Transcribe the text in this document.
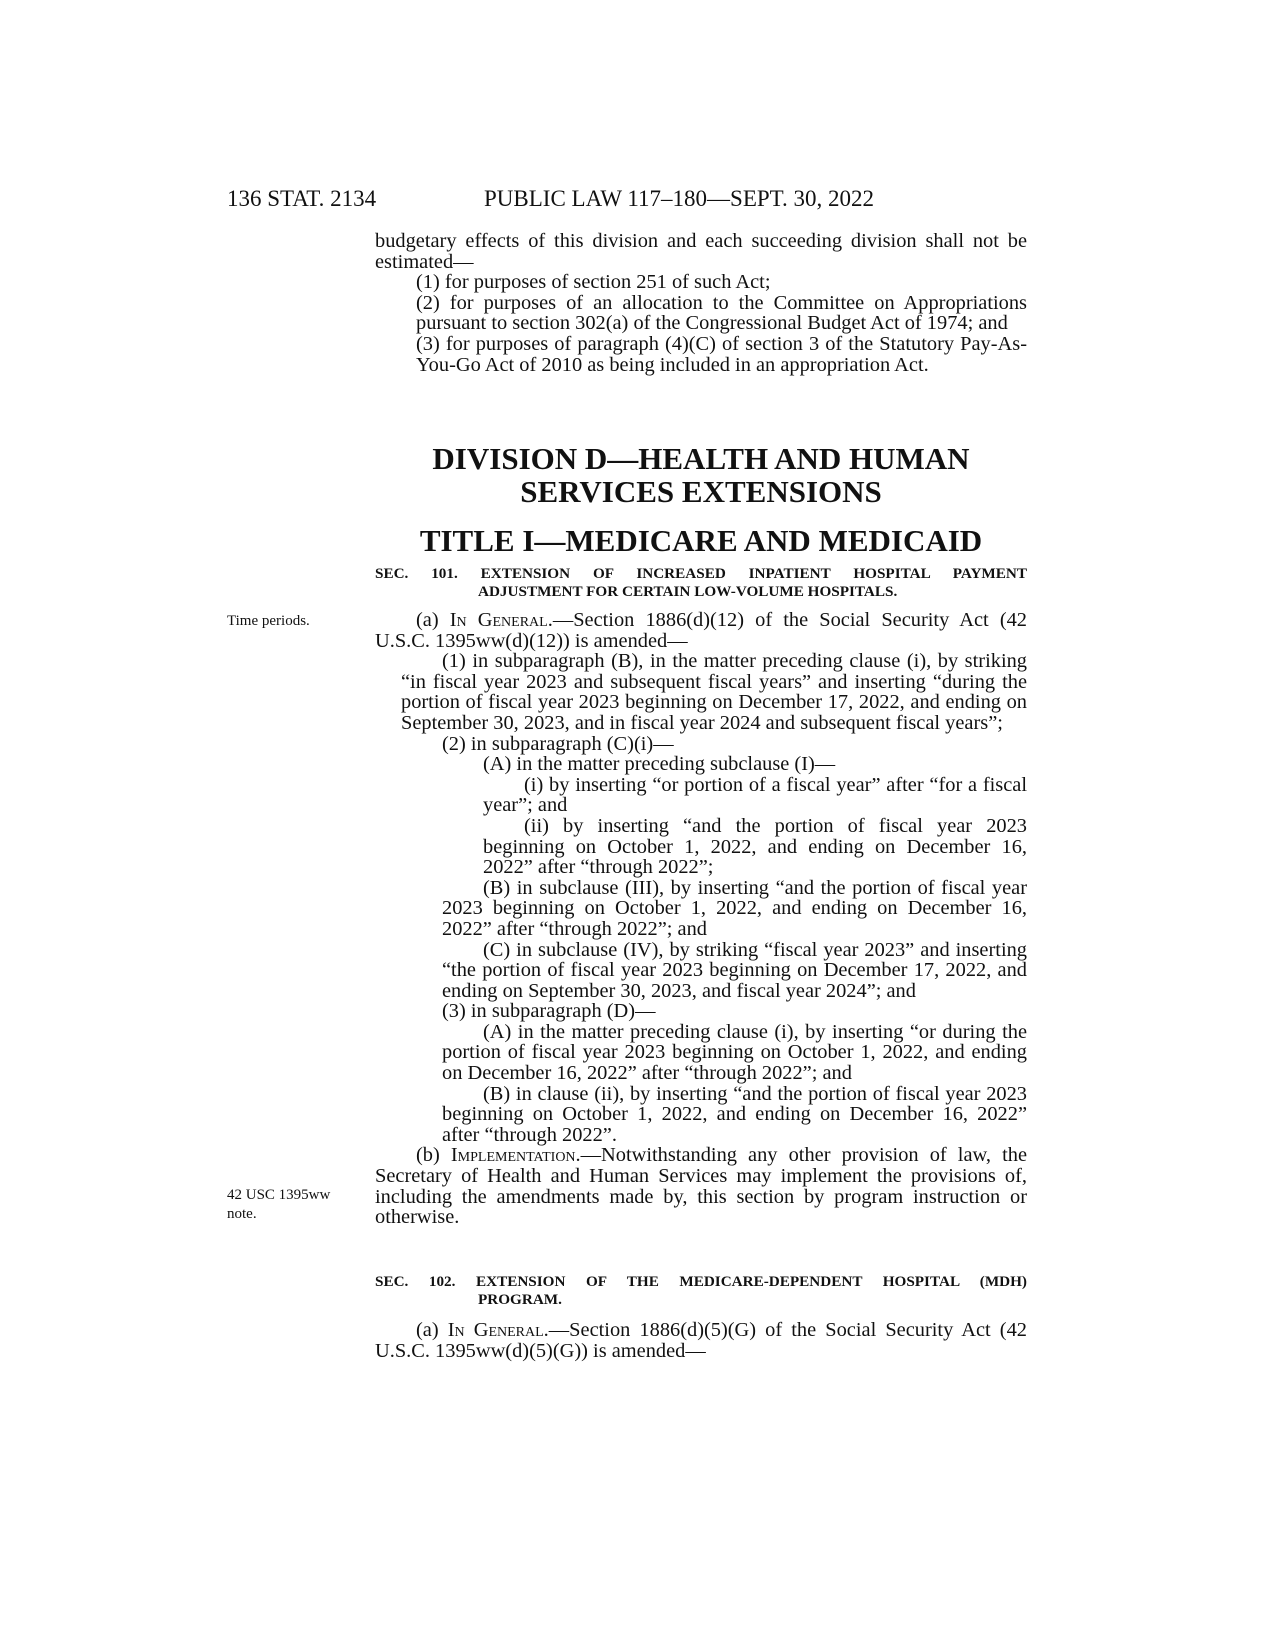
136 STAT. 2134	PUBLIC LAW 117–180—SEPT. 30, 2022

budgetary effects of this division and each succeeding division shall not be estimated—

(1) for purposes of section 251 of such Act;

(2) for purposes of an allocation to the Committee on Appropriations pursuant to section 302(a) of the Congressional Budget Act of 1974; and

(3) for purposes of paragraph (4)(C) of section 3 of the Statutory Pay-As-You-Go Act of 2010 as being included in an appropriation Act.

DIVISION D—HEALTH AND HUMAN
SERVICES EXTENSIONS
TITLE I—MEDICARE AND MEDICAID
SEC. 101. EXTENSION OF INCREASED INPATIENT HOSPITAL PAYMENT
ADJUSTMENT FOR CERTAIN LOW-VOLUME HOSPITALS.
Time periods.	(a) In General.—Section 1886(d)(12) of the Social Security Act (42 U.S.C. 1395ww(d)(12)) is amended—

(1) in subparagraph (B), in the matter preceding clause (i), by striking “in fiscal year 2023 and subsequent fiscal years” and inserting “during the portion of fiscal year 2023 beginning on December 17, 2022, and ending on September 30, 2023, and in fiscal year 2024 and subsequent fiscal years”;

(2) in subparagraph (C)(i)—

(A) in the matter preceding subclause (I)—

(i) by inserting “or portion of a fiscal year” after “for a fiscal year”; and

(ii) by inserting “and the portion of fiscal year 2023 beginning on October 1, 2022, and ending on December 16, 2022” after “through 2022”;

(B) in subclause (III), by inserting “and the portion of fiscal year 2023 beginning on October 1, 2022, and ending on December 16, 2022” after “through 2022”; and

(C) in subclause (IV), by striking “fiscal year 2023” and inserting “the portion of fiscal year 2023 beginning on December 17, 2022, and ending on September 30, 2023, and fiscal year 2024”; and

(3) in subparagraph (D)—

(A) in the matter preceding clause (i), by inserting “or during the portion of fiscal year 2023 beginning on October 1, 2022, and ending on December 16, 2022” after “through 2022”; and

(B) in clause (ii), by inserting “and the portion of fiscal year 2023 beginning on October 1, 2022, and ending on December 16, 2022” after “through 2022”.

(b) Implementation.—Notwithstanding any other provision of law, the Secretary of Health and Human Services may implement the provisions of, including the amendments made by, this section by program instruction or otherwise.

42 USC 1395ww
note.
SEC. 102. EXTENSION OF THE MEDICARE-DEPENDENT HOSPITAL (MDH)
PROGRAM.

(a) In General.—Section 1886(d)(5)(G) of the Social Security Act (42 U.S.C. 1395ww(d)(5)(G)) is amended—
